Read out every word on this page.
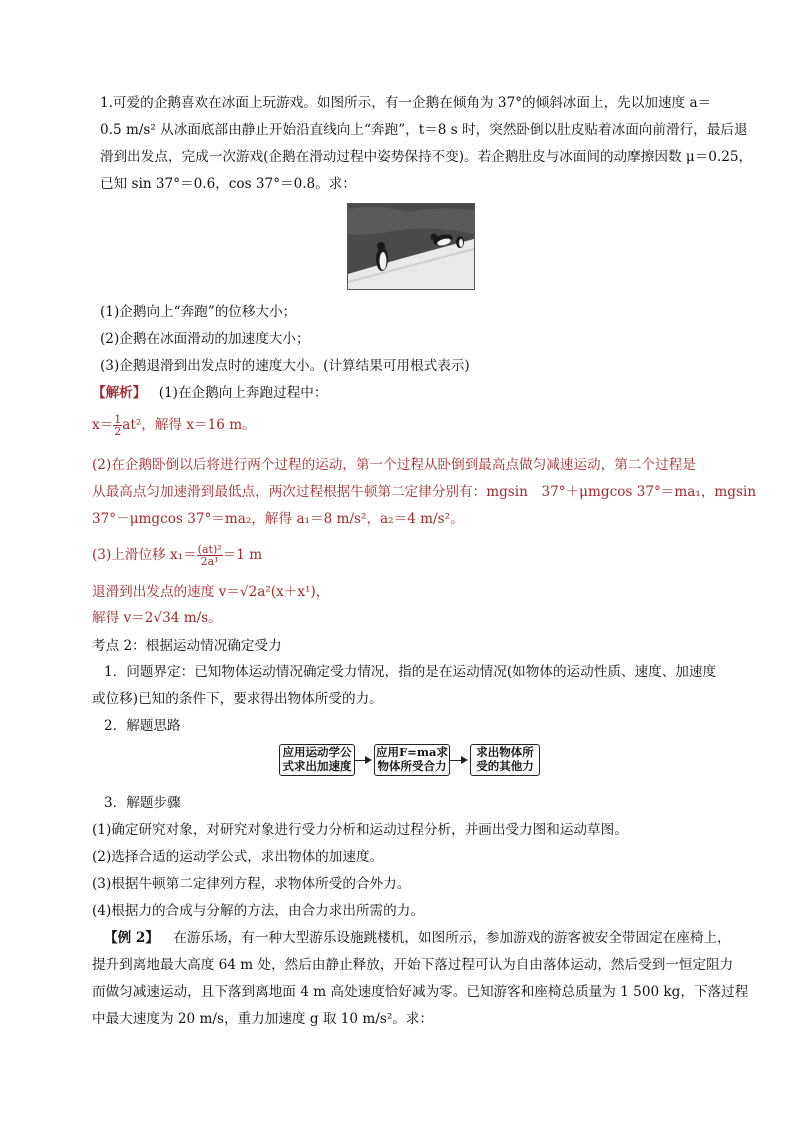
1.可爱的企鹅喜欢在冰面上玩游戏。如图所示，有一企鹅在倾角为 37°的倾斜冰面上，先以加速度 a＝
0.5 m/s² 从冰面底部由静止开始沿直线向上“奔跑”，t＝8 s 时，突然卧倒以肚皮贴着冰面向前滑行，最后退
滑到出发点，完成一次游戏(企鹅在滑动过程中姿势保持不变)。若企鹅肚皮与冰面间的动摩擦因数 μ＝0.25，
已知 sin 37°＝0.6，cos 37°＝0.8。求：
(1)企鹅向上“奔跑”的位移大小；
(2)企鹅在冰面滑动的加速度大小；
(3)企鹅退滑到出发点时的速度大小。(计算结果可用根式表示)
【解析】 (1)在企鹅向上奔跑过程中：
$x= \frac{1}{2} at^2$，解得 x＝16 m。
(2)在企鹅卧倒以后将进行两个过程的运动，第一个过程从卧倒到最高点做匀减速运动，第二个过程是
从最高点匀加速滑到最低点，两次过程根据牛顿第二定律分别有：mgsin　37°＋μmgcos 37°＝ma₁，mgsin
37°－μmgcos 37°＝ma₂，解得 a₁＝8 m/s²，a₂＝4 m/s²。
(3)上滑位移 $x_1= \frac{\text{(at)²}}{\text{2a¹}} =1$ m
退滑到出发点的速度 v＝√2a²(x＋x¹)，
解得 v＝2√34 m/s。
考点 2：根据运动情况确定受力
1．问题界定：已知物体运动情况确定受力情况，指的是在运动情况(如物体的运动性质、速度、加速度
或位移)已知的条件下，要求得出物体所受的力。
2．解题思路
应用运动学公
式求出加速度
应用F=ma求
物体所受合力
求出物体所
受的其他力
3．解题步骤
(1)确定研究对象，对研究对象进行受力分析和运动过程分析，并画出受力图和运动草图。
(2)选择合适的运动学公式，求出物体的加速度。
(3)根据牛顿第二定律列方程，求物体所受的合外力。
(4)根据力的合成与分解的方法，由合力求出所需的力。
【例 2】 在游乐场，有一种大型游乐设施跳楼机，如图所示，参加游戏的游客被安全带固定在座椅上，
提升到离地最大高度 64 m 处，然后由静止释放，开始下落过程可认为自由落体运动，然后受到一恒定阻力
而做匀减速运动，且下落到离地面 4 m 高处速度恰好减为零。已知游客和座椅总质量为 1 500 kg，下落过程
中最大速度为 20 m/s，重力加速度 g 取 10 m/s²。求：
